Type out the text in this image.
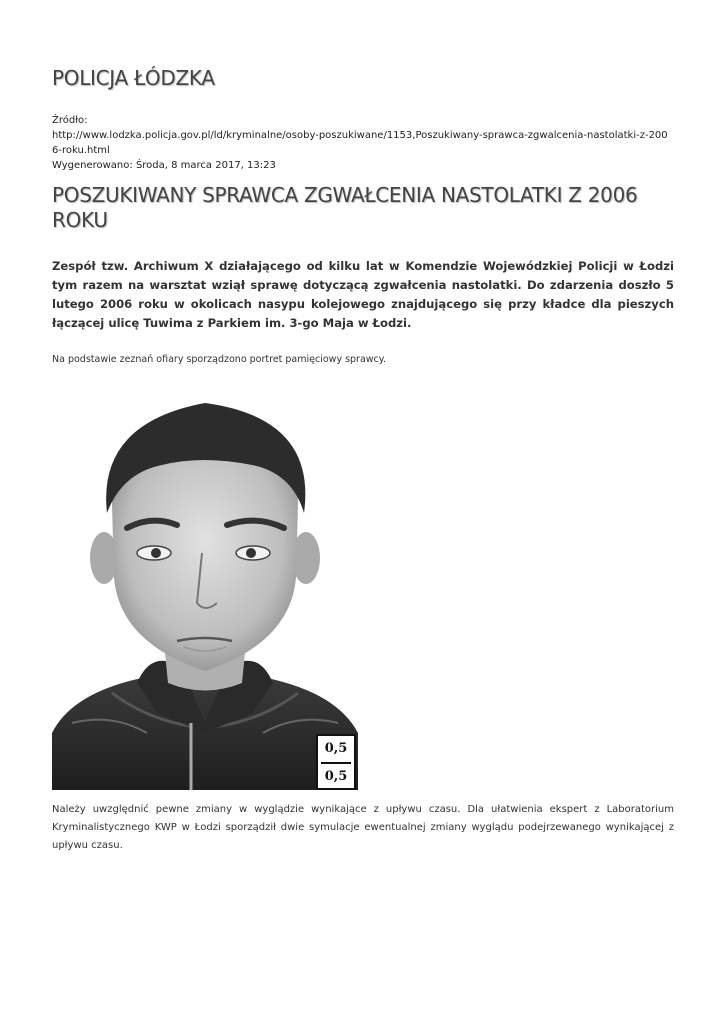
POLICJA ŁÓDZKA
Źródło:
http://www.lodzka.policja.gov.pl/ld/kryminalne/osoby-poszukiwane/1153,Poszukiwany-sprawca-zgwalcenia-nastolatki-z-2006-roku.html
Wygenerowano: Środa, 8 marca 2017, 13:23
POSZUKIWANY SPRAWCA ZGWAŁCENIA NASTOLATKI Z 2006 ROKU

Zespół tzw. Archiwum X działającego od kilku lat w Komendzie Wojewódzkiej Policji w Łodzi tym razem na warsztat wziął sprawę dotyczącą zgwałcenia nastolatki. Do zdarzenia doszło 5 lutego 2006 roku w okolicach nasypu kolejowego znajdującego się przy kładce dla pieszych łączącej ulicę Tuwima z Parkiem im. 3-go Maja w Łodzi.

Na podstawie zeznań ofiary sporządzono portret pamięciowy sprawcy.

0,5
0,5

Należy uwzględnić pewne zmiany w wyglądzie wynikające z upływu czasu. Dla ułatwienia ekspert z Laboratorium Kryminalistycznego KWP w Łodzi sporządził dwie symulacje ewentualnej zmiany wyglądu podejrzewanego wynikającej z upływu czasu.
